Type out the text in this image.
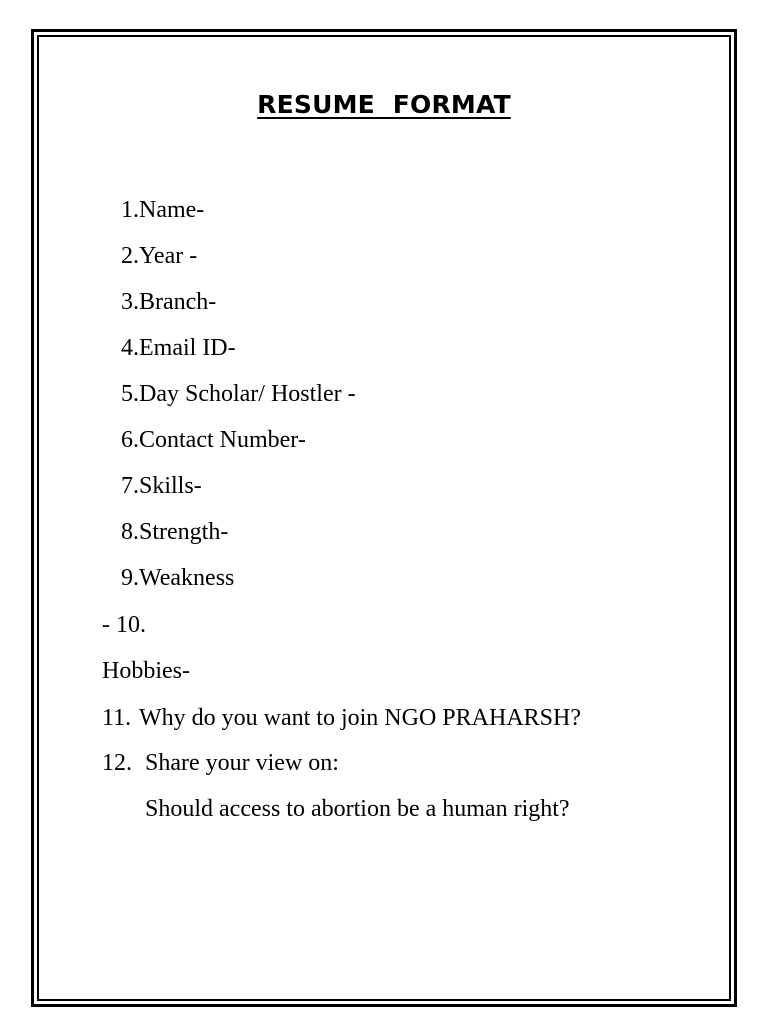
RESUME  FORMAT
1. Name-
2. Year -
3. Branch-
4. Email ID-
5. Day Scholar/ Hostler -
6. Contact Number-
7. Skills-
8. Strength-
9. Weakness
- 10.
Hobbies-
11. Why do you want to join NGO PRAHARSH?
12. Share your view on:
Should access to abortion be a human right?
